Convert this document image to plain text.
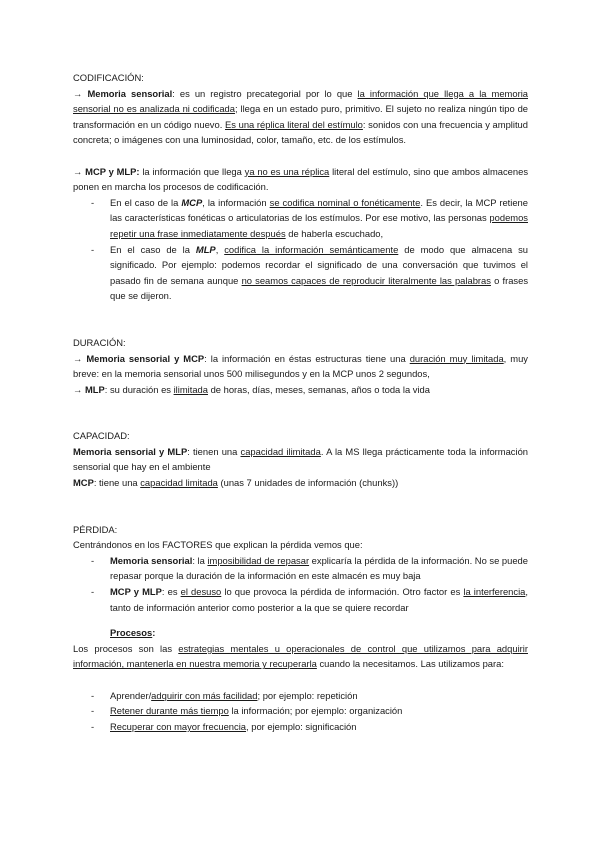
CODIFICACIÓN:

→ Memoria sensorial: es un registro precategorial por lo que la información que llega a la memoria sensorial no es analizada ni codificada; llega en un estado puro, primitivo. El sujeto no realiza ningún tipo de transformación en un código nuevo. Es una réplica literal del estímulo: sonidos con una frecuencia y amplitud concreta; o imágenes con una luminosidad, color, tamaño, etc. de los estímulos.

→ MCP y MLP: la información que llega ya no es una réplica literal del estímulo, sino que ambos almacenes ponen en marcha los procesos de codificación.

- En el caso de la MCP, la información se codifica nominal o fonéticamente. Es decir, la MCP retiene las características fonéticas o articulatorias de los estímulos. Por ese motivo, las personas podemos repetir una frase inmediatamente después de haberla escuchado,
- En el caso de la MLP, codifica la información semánticamente de modo que almacena su significado. Por ejemplo: podemos recordar el significado de una conversación que tuvimos el pasado fin de semana aunque no seamos capaces de reproducir literalmente las palabras o frases que se dijeron.

DURACIÓN:

→ Memoria sensorial y MCP: la información en éstas estructuras tiene una duración muy limitada, muy breve: en la memoria sensorial unos 500 milisegundos y en la MCP unos 2 segundos,

→ MLP: su duración es ilimitada de horas, días, meses, semanas, años o toda la vida

CAPACIDAD:

Memoria sensorial y MLP: tienen una capacidad ilimitada. A la MS llega prácticamente toda la información sensorial que hay en el ambiente

MCP: tiene una capacidad limitada (unas 7 unidades de información (chunks))

PÉRDIDA:

Centrándonos en los FACTORES que explican la pérdida vemos que:

- Memoria sensorial: la imposibilidad de repasar explicaría la pérdida de la información. No se puede repasar porque la duración de la información en este almacén es muy baja
- MCP y MLP: es el desuso lo que provoca la pérdida de información. Otro factor es la interferencia, tanto de información anterior como posterior a la que se quiere recordar

Procesos:

Los procesos son las estrategias mentales u operacionales de control que utilizamos para adquirir información, mantenerla en nuestra memoria y recuperarla cuando la necesitamos. Las utilizamos para:

- Aprender/adquirir con más facilidad; por ejemplo: repetición
- Retener durante más tiempo la información; por ejemplo: organización
- Recuperar con mayor frecuencia, por ejemplo: significación
